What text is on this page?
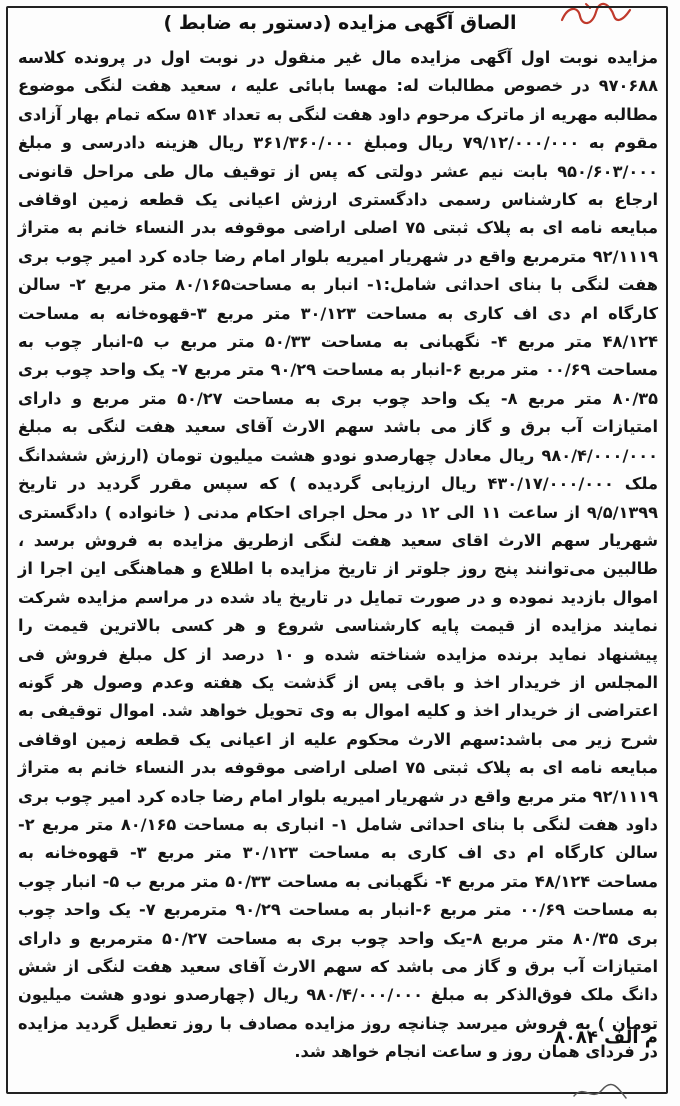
الصاق آگهی مزایده (دستور به ضابط )
مزایده نوبت اول آگهی مزایده مال غیر منقول در نوبت اول در پرونده کلاسه ۹۷۰۶۸۸ در خصوص مطالبات له: مهسا بابائی علیه ، سعید هفت لنگی موضوع مطالبه مهریه از ماترک مرحوم داود هفت لنگی به تعداد ۵۱۴ سکه تمام بهار آزادی مقوم به ۷۹/۱۲/۰۰۰/۰۰۰ ریال ومبلغ ۳۶۱/۳۶۰/۰۰۰ ریال هزینه دادرسی و مبلغ ۹۵۰/۶۰۳/۰۰۰ بابت نیم عشر دولتی که پس از توقیف مال طی مراحل قانونی ارجاع به کارشناس رسمی دادگستری ارزش اعیانی یک قطعه زمین اوقافی مبایعه نامه ای به پلاک ثبتی ۷۵ اصلی اراضی موقوفه بدر النساء خانم به متراژ ۹۲/۱۱۱۹ مترمربع واقع در شهریار امیریه بلوار امام رضا جاده کرد امیر چوب بری هفت لنگی با بنای احداثی شامل:۱- انبار به مساحت۸۰/۱۶۵ متر مربع ۲- سالن کارگاه ام دی اف کاری به مساحت ۳۰/۱۲۳ متر مربع ۳-قهوه‌خانه به مساحت ۴۸/۱۲۴ متر مربع ۴- نگهبانی به مساحت ۵۰/۳۳ متر مربع ب ۵-انبار چوب به مساحت ۰۰/۶۹ متر مربع ۶-انبار به مساحت ۹۰/۲۹ متر مربع ۷- یک واحد چوب بری ۸۰/۳۵ متر مربع ۸- یک واحد چوب بری به مساحت ۵۰/۲۷ متر مربع و دارای امتیازات آب برق و گاز می باشد سهم الارث آقای سعید هفت لنگی به مبلغ ۹۸۰/۴/۰۰۰/۰۰۰ ریال معادل چهارصدو نودو هشت میلیون تومان (ارزش ششدانگ ملک ۴۳۰/۱۷/۰۰۰/۰۰۰ ریال ارزیابی گردیده ) که سپس مقرر گردید در تاریخ ۹/۵/۱۳۹۹ از ساعت ۱۱ الی ۱۲ در محل اجرای احکام مدنی ( خانواده ) دادگستری شهریار سهم الارث اقای سعید هفت لنگی ازطریق مزایده به فروش برسد ، طالبین می‌توانند پنج روز جلوتر از تاریخ مزایده با اطلاع و هماهنگی این اجرا از اموال بازدید نموده و در صورت تمایل در تاریخ یاد شده در مراسم مزایده شرکت نمایند مزایده از قیمت پایه کارشناسی شروع و هر کسی بالاترین قیمت را پیشنهاد نماید برنده مزایده شناخته شده و ۱۰ درصد از کل مبلغ فروش فی المجلس از خریدار اخذ و باقی پس از گذشت یک هفته وعدم وصول هر گونه اعتراضی از خریدار اخذ و کلیه اموال به وی تحویل خواهد شد. اموال توقیفی به شرح زیر می باشد:سهم الارث محکوم علیه از اعیانی یک قطعه زمین اوقافی مبایعه نامه ای به پلاک ثبتی ۷۵ اصلی اراضی موقوفه بدر النساء خانم به متراژ ۹۲/۱۱۱۹ متر مربع واقع در شهریار امیریه بلوار امام رضا جاده کرد امیر چوب بری داود هفت لنگی با بنای احداثی شامل ۱- انباری به مساحت ۸۰/۱۶۵ متر مربع ۲- سالن کارگاه ام دی اف کاری به مساحت ۳۰/۱۲۳ متر مربع ۳- قهوه‌خانه به مساحت ۴۸/۱۲۴ متر مربع ۴- نگهبانی به مساحت ۵۰/۳۳ متر مربع ب ۵- انبار چوب به مساحت ۰۰/۶۹ متر مربع ۶-انبار به مساحت ۹۰/۲۹ مترمربع ۷- یک واحد چوب بری ۸۰/۳۵ متر مربع ۸-یک واحد چوب بری به مساحت ۵۰/۲۷ مترمربع و دارای امتیازات آب برق و گاز می باشد که سهم الارث آقای سعید هفت لنگی از شش دانگ ملک فوق‌الذکر به مبلغ ۹۸۰/۴/۰۰۰/۰۰۰ ریال (چهارصدو نودو هشت میلیون تومان ) به فروش میرسد چنانچه روز مزایده مصادف با روز تعطیل گردید مزایده در فردای همان روز و ساعت انجام خواهد شد.
م الف ۸۰۸۴
